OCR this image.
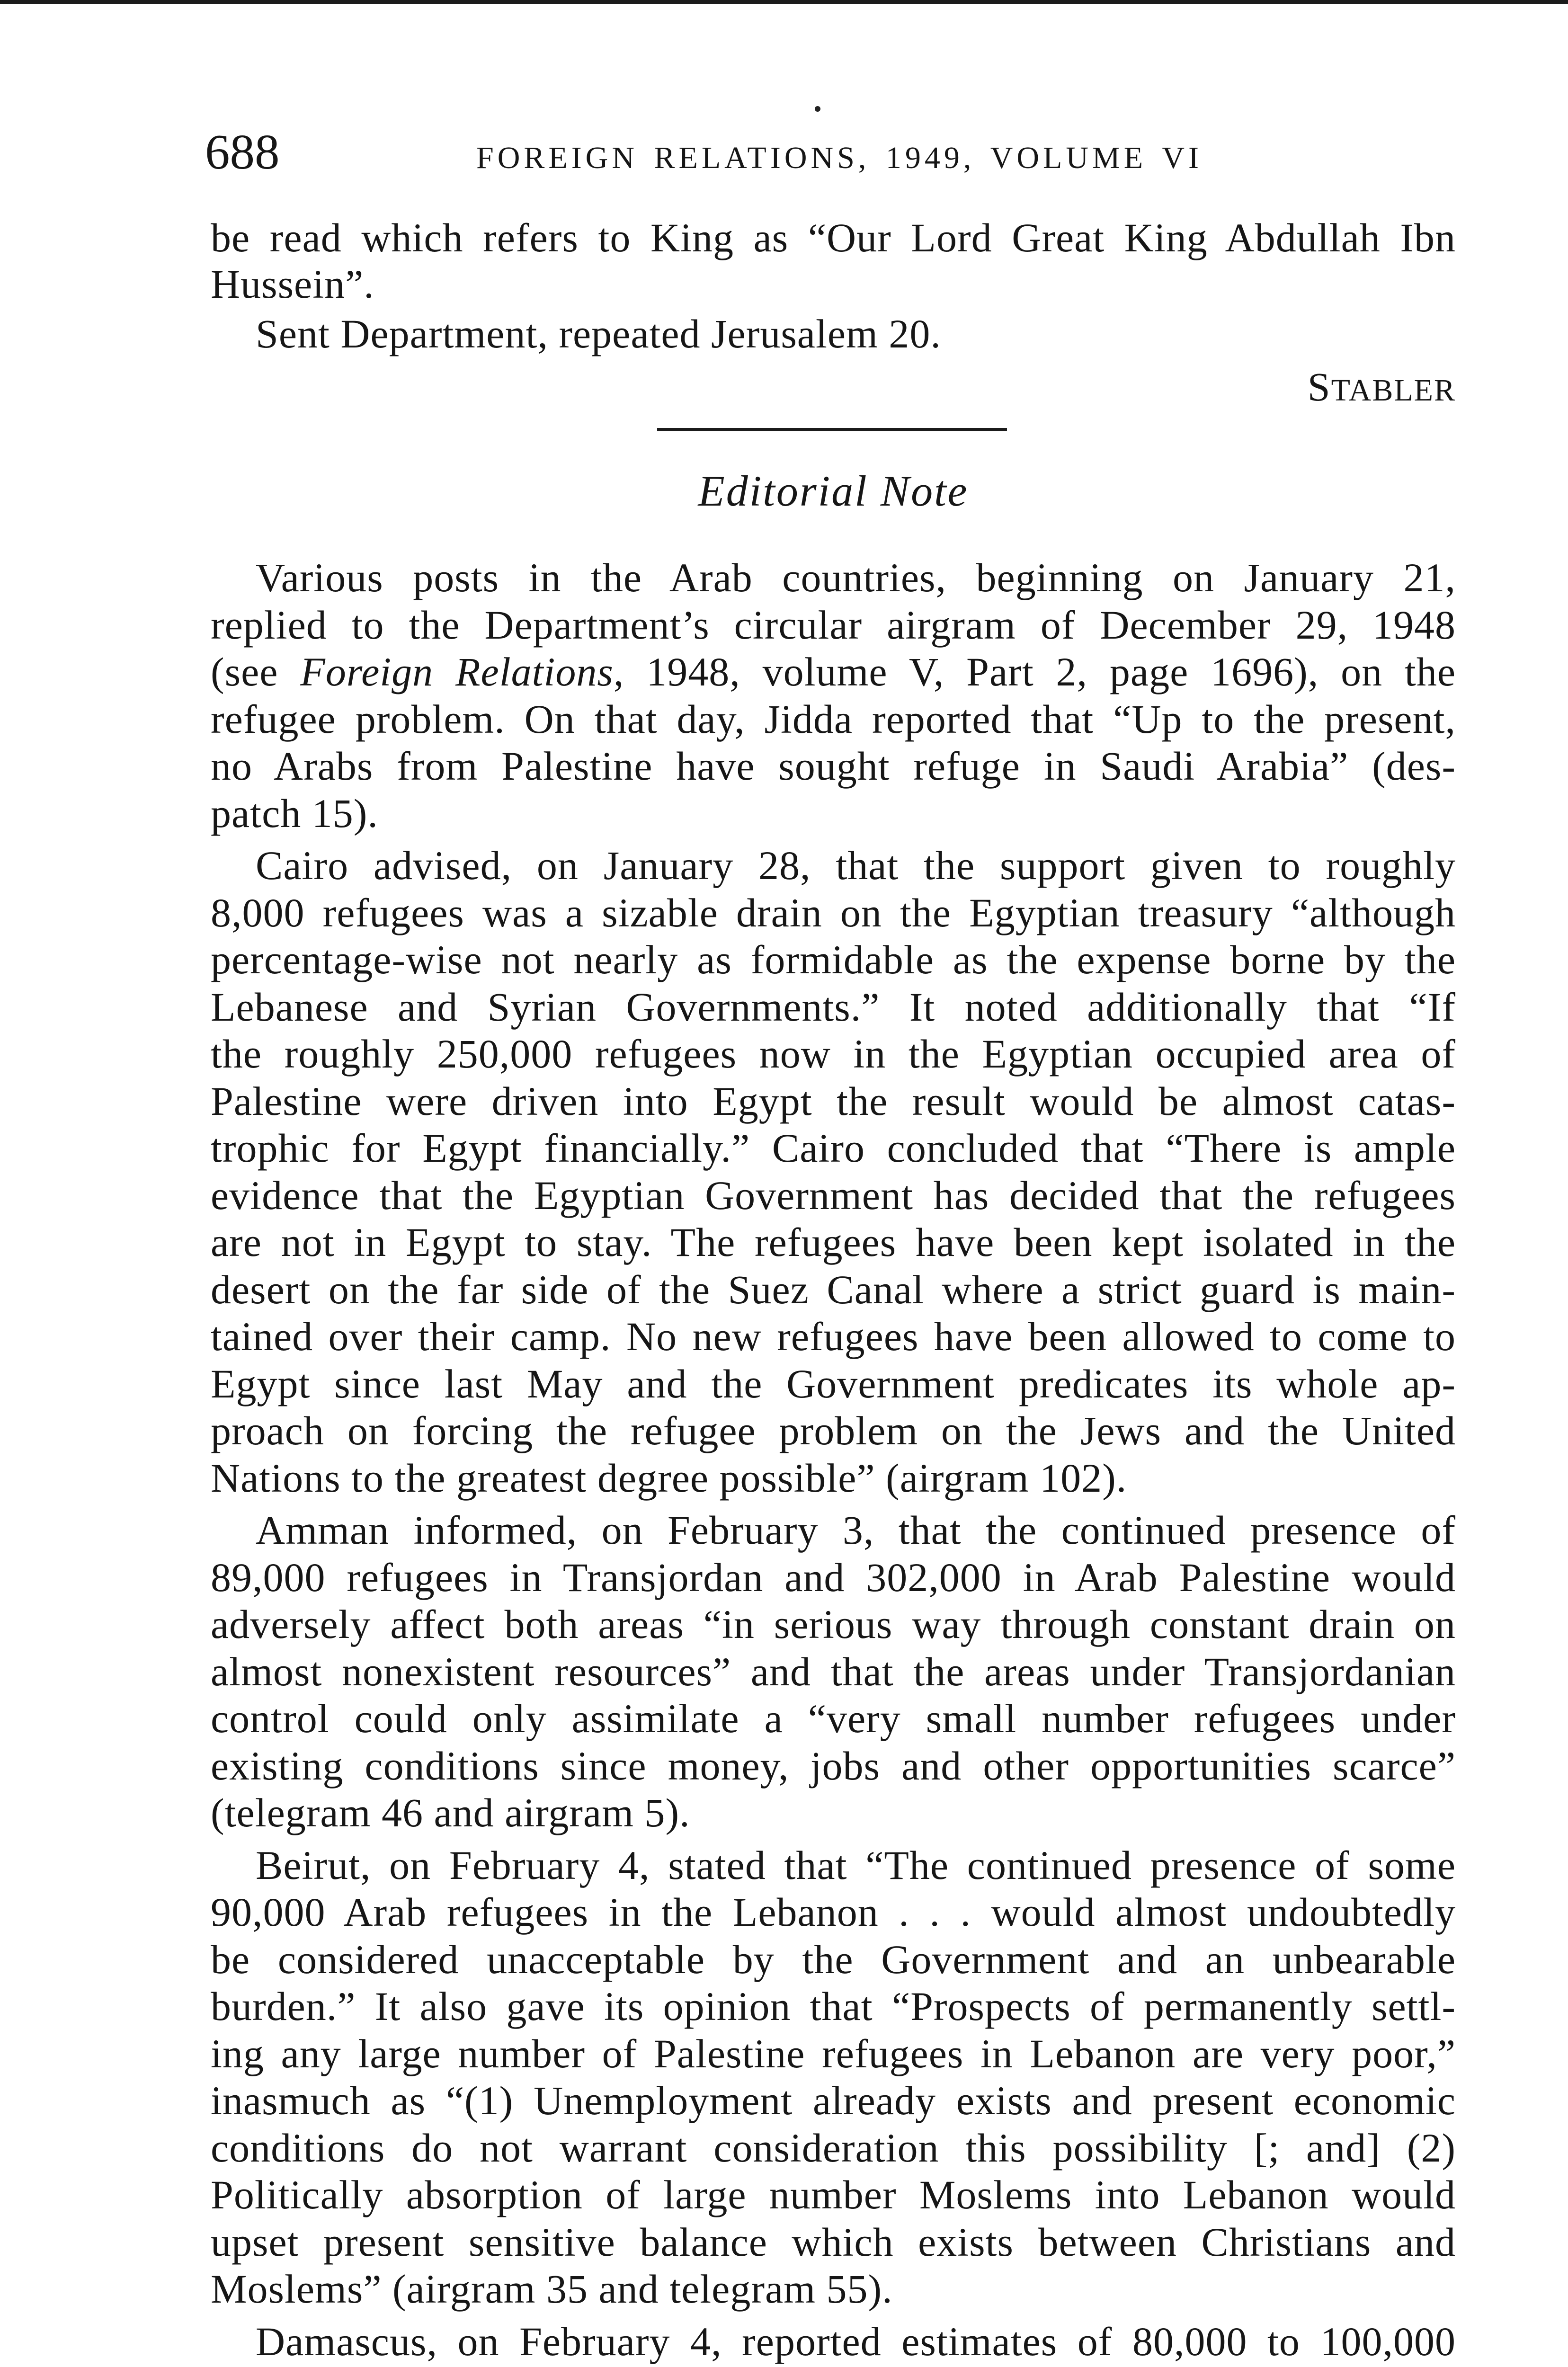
688	FOREIGN RELATIONS, 1949, VOLUME VI
be read which refers to King as “Our Lord Great King Abdullah Ibn
Hussein”.
Sent Department, repeated Jerusalem 20.
STABLER
Editorial Note
Various posts in the Arab countries, beginning on January 21,
replied to the Department’s circular airgram of December 29, 1948
(see Foreign Relations, 1948, volume V, Part 2, page 1696), on the
refugee problem. On that day, Jidda reported that “Up to the present,
no Arabs from Palestine have sought refuge in Saudi Arabia” (des-
patch 15).
Cairo advised, on January 28, that the support given to roughly
8,000 refugees was a sizable drain on the Egyptian treasury “although
percentage-wise not nearly as formidable as the expense borne by the
Lebanese and Syrian Governments.” It noted additionally that “If
the roughly 250,000 refugees now in the Egyptian occupied area of
Palestine were driven into Egypt the result would be almost catas-
trophic for Egypt financially.” Cairo concluded that “There is ample
evidence that the Egyptian Government has decided that the refugees
are not in Egypt to stay. The refugees have been kept isolated in the
desert on the far side of the Suez Canal where a strict guard is main-
tained over their camp. No new refugees have been allowed to come to
Egypt since last May and the Government predicates its whole ap-
proach on forcing the refugee problem on the Jews and the United
Nations to the greatest degree possible” (airgram 102).
Amman informed, on February 3, that the continued presence of
89,000 refugees in Transjordan and 302,000 in Arab Palestine would
adversely affect both areas “in serious way through constant drain on
almost nonexistent resources” and that the areas under Transjordanian
control could only assimilate a “very small number refugees under
existing conditions since money, jobs and other opportunities scarce”
(telegram 46 and airgram 5).
Beirut, on February 4, stated that “The continued presence of some
90,000 Arab refugees in the Lebanon . . . would almost undoubtedly
be considered unacceptable by the Government and an unbearable
burden.” It also gave its opinion that “Prospects of permanently settl-
ing any large number of Palestine refugees in Lebanon are very poor,”
inasmuch as “(1) Unemployment already exists and present economic
conditions do not warrant consideration this possibility [; and] (2)
Politically absorption of large number Moslems into Lebanon would
upset present sensitive balance which exists between Christians and
Moslems” (airgram 35 and telegram 55).
Damascus, on February 4, reported estimates of 80,000 to 100,000
